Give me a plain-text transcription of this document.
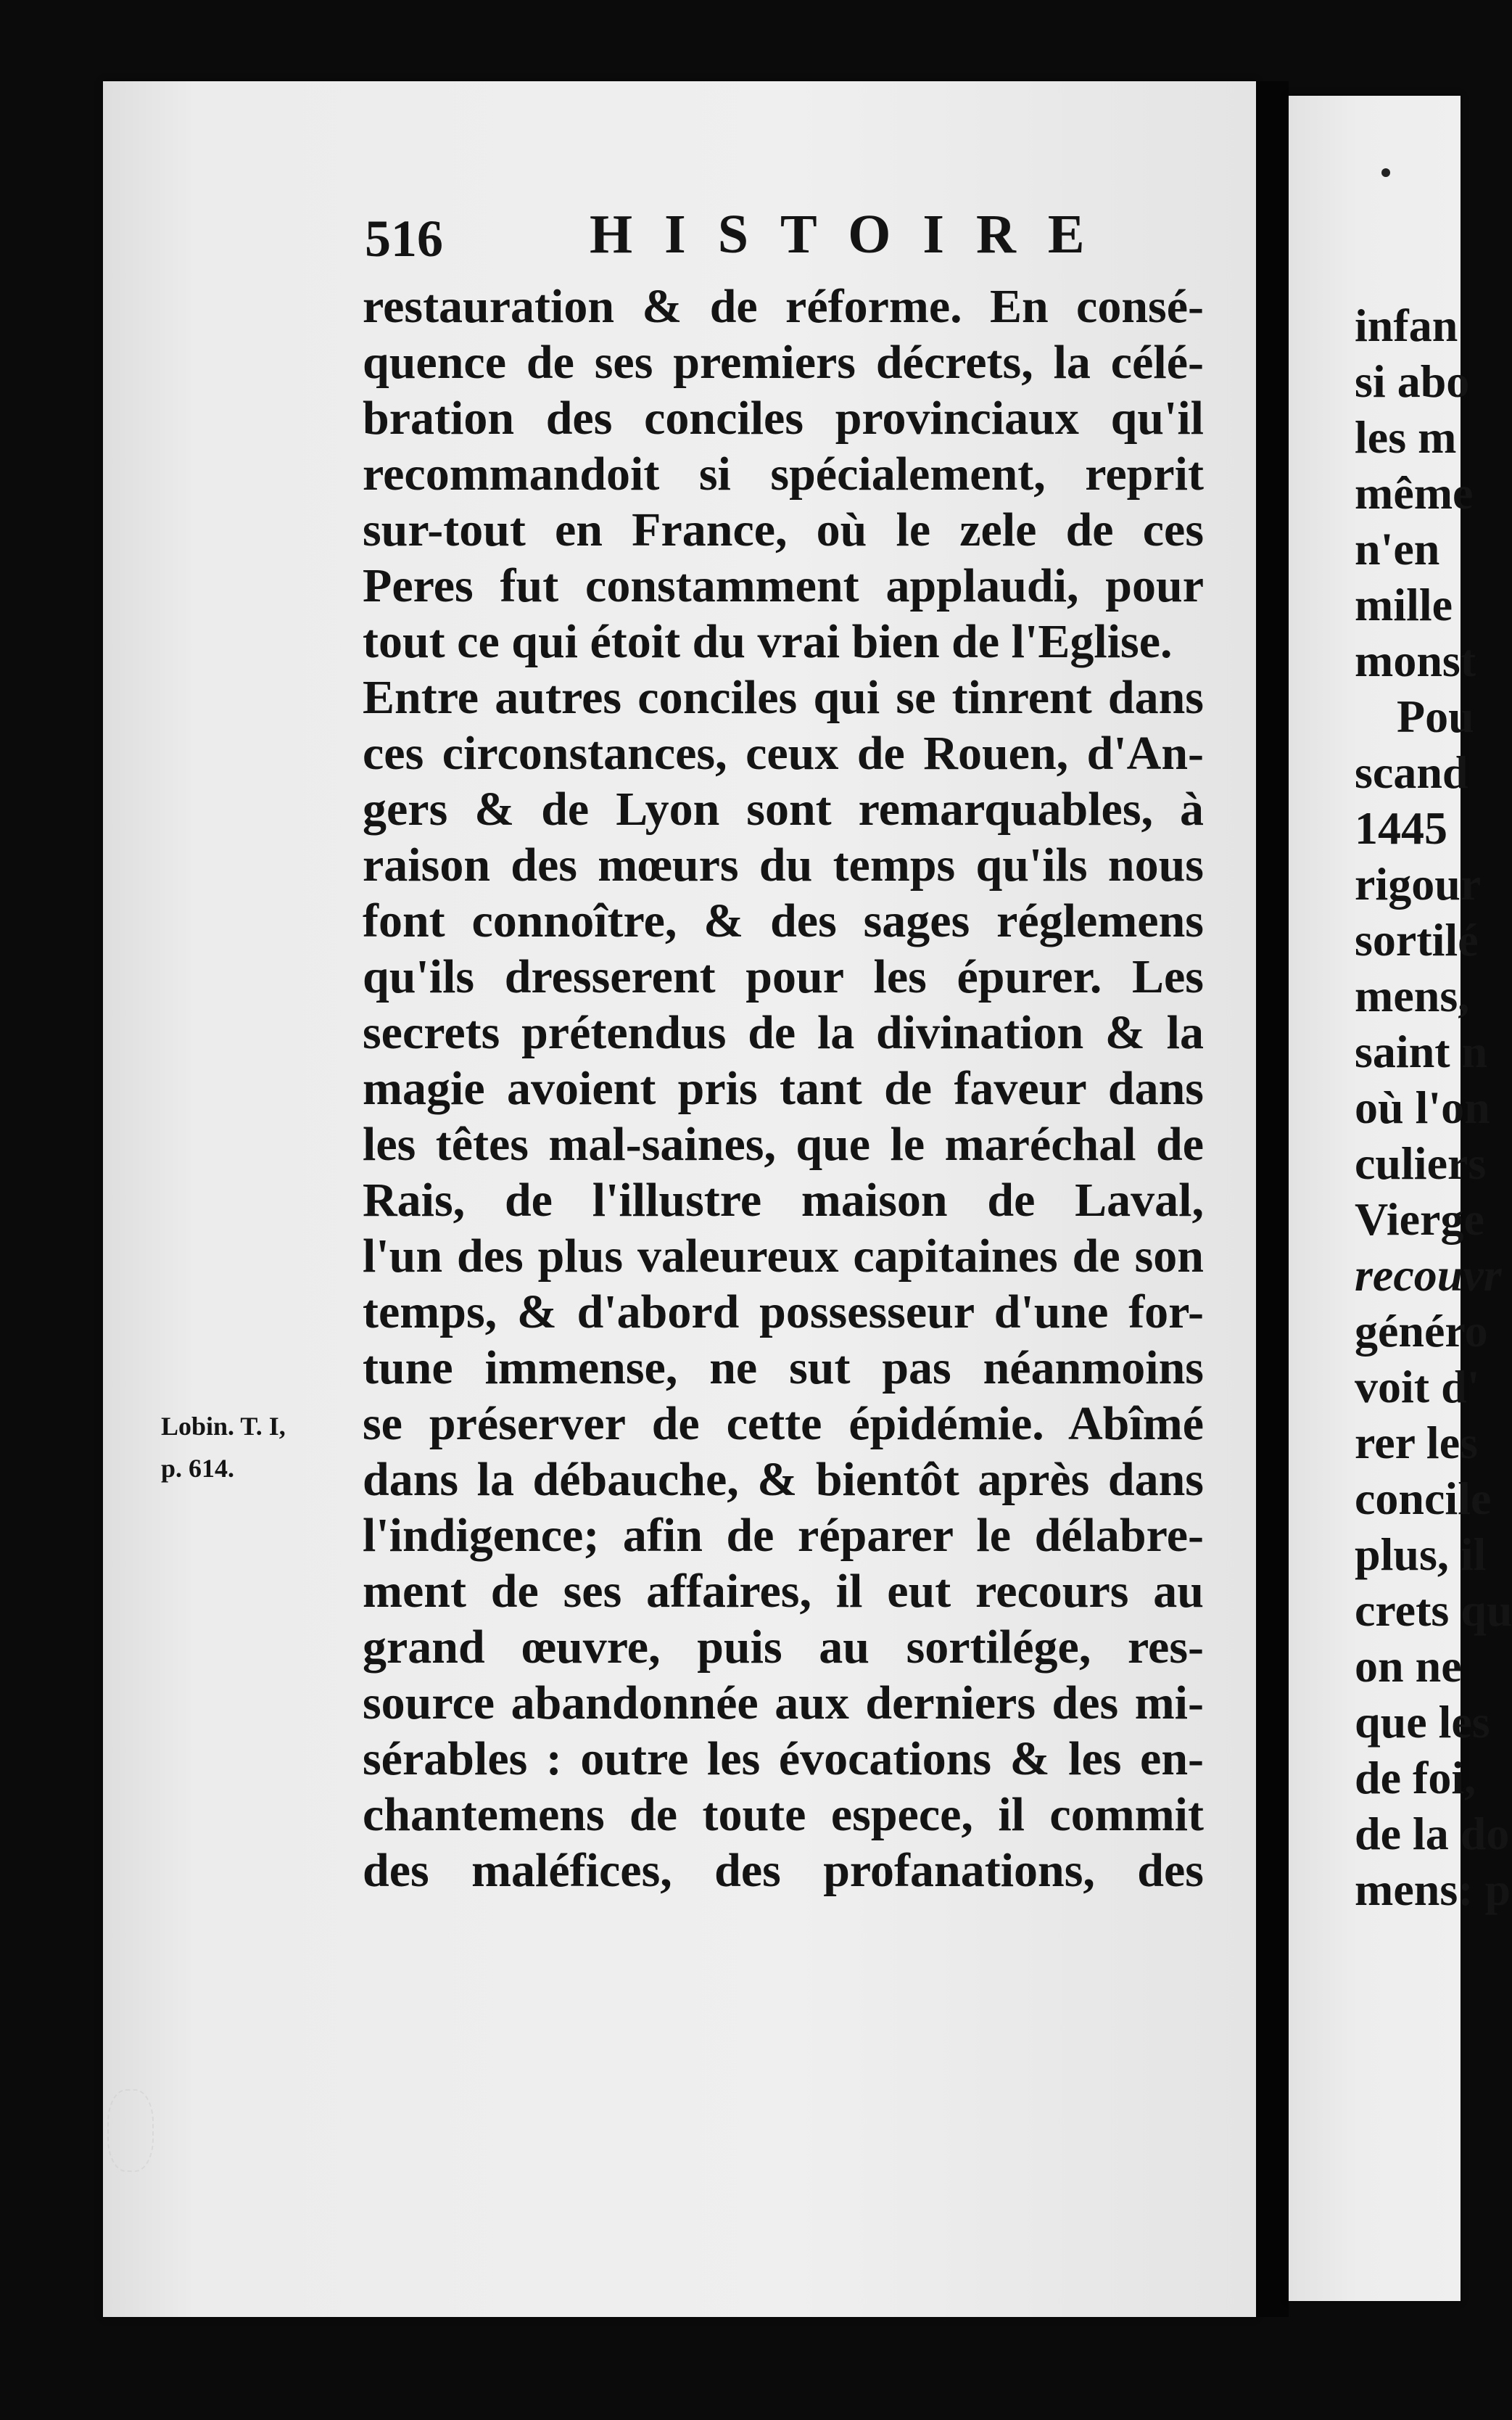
516	HISTOIRE
restauration & de réforme. En consé-
quence de ses premiers décrets, la célé-
bration des conciles provinciaux qu'il
recommandoit si spécialement, reprit
sur-tout en France, où le zele de ces
Peres fut constamment applaudi, pour
tout ce qui étoit du vrai bien de l'Eglise.
Entre autres conciles qui se tinrent dans
ces circonstances, ceux de Rouen, d'An-
gers & de Lyon sont remarquables, à
raison des mœurs du temps qu'ils nous
font connoître, & des sages réglemens
qu'ils dresserent pour les épurer. Les
secrets prétendus de la divination & la
magie avoient pris tant de faveur dans
les têtes mal-saines, que le maréchal de
Rais, de l'illustre maison de Laval,
l'un des plus valeureux capitaines de son
temps, & d'abord possesseur d'une for-
tune immense, ne sut pas néanmoins
se préserver de cette épidémie. Abîmé
dans la débauche, & bientôt après dans
l'indigence; afin de réparer le délabre-
ment de ses affaires, il eut recours au
grand œuvre, puis au sortilége, res-
source abandonnée aux derniers des mi-
sérables : outre les évocations & les en-
chantemens de toute espece, il commit
des maléfices, des profanations, des
Lobin. T. I,
p. 614.
infan
si abo
les m
même
n'en
mille
monst
Pou
scand
1445
rigour
sortilé
mens,
saint n
où l'on
culiers
Vierge
recouvr
généro
voit d'
rer les
concile
plus, il
crets qu
on ne
que les
de foi,
de la do
mens: p
